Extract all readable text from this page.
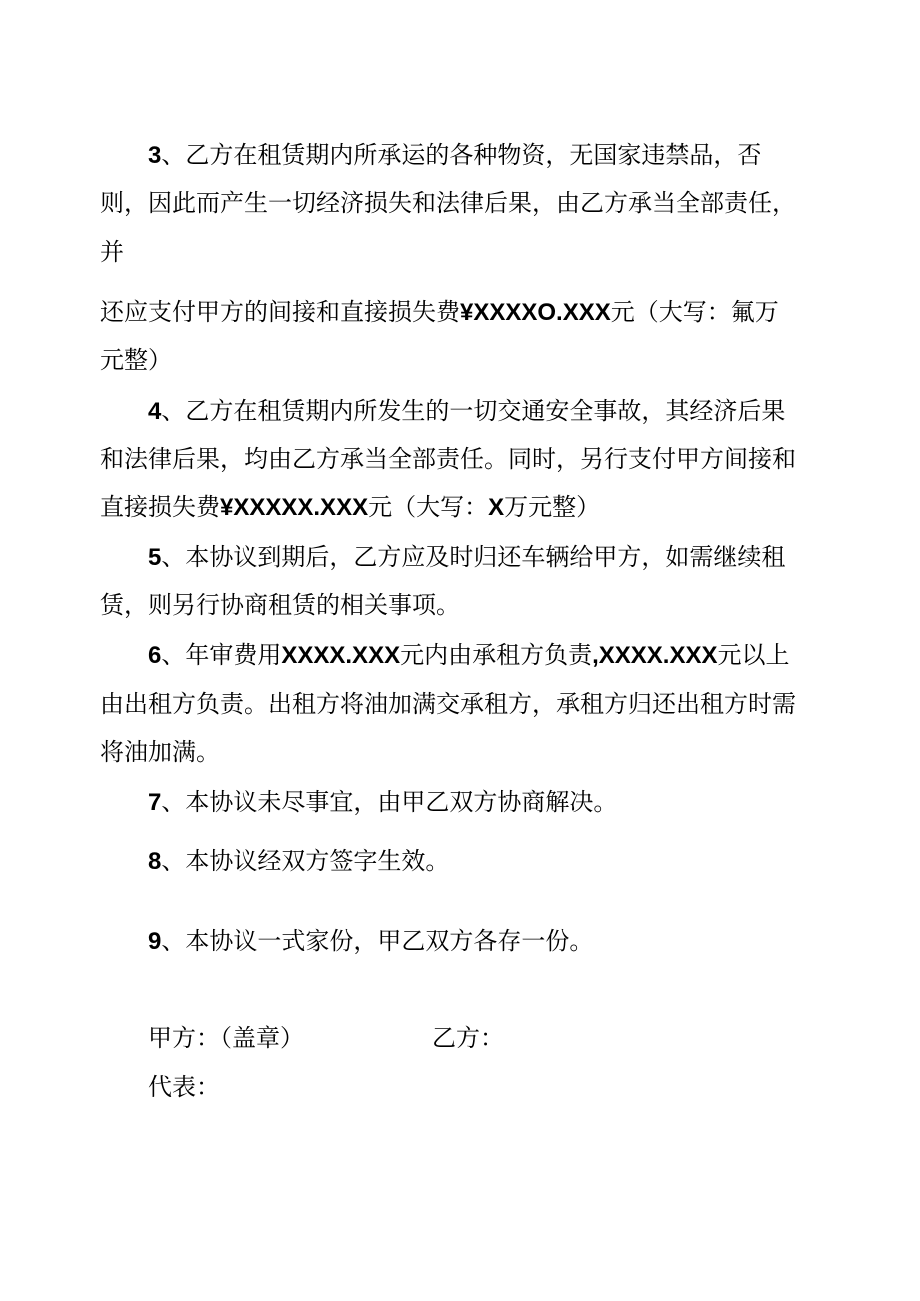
3、乙方在租赁期内所承运的各种物资，无国家违禁品，否

则，因此而产生一切经济损失和法律后果，由乙方承当全部责任，

并

还应支付甲方的间接和直接损失费¥XXXXO.XXX元（大写：氟万

元整）

4、乙方在租赁期内所发生的一切交通安全事故，其经济后果

和法律后果，均由乙方承当全部责任。同时，另行支付甲方间接和

直接损失费¥XXXXX.XXX元（大写：X万元整）

5、本协议到期后，乙方应及时归还车辆给甲方，如需继续租

赁，则另行协商租赁的相关事项。

6、年审费用XXXX.XXX元内由承租方负责,XXXX.XXX元以上

由出租方负责。出租方将油加满交承租方，承租方归还出租方时需

将油加满。

7、本协议未尽事宜，由甲乙双方协商解决。

8、本协议经双方签字生效。

9、本协议一式家份，甲乙双方各存一份。

甲方：（盖章）	乙方：

代表：
